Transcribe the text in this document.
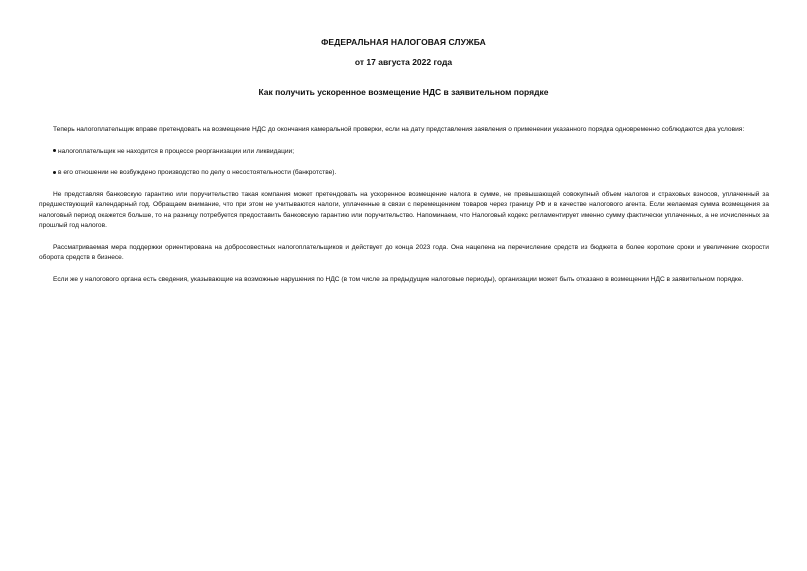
ФЕДЕРАЛЬНАЯ НАЛОГОВАЯ СЛУЖБА
от 17 августа 2022 года
Как получить ускоренное возмещение НДС в заявительном порядке

Теперь налогоплательщик вправе претендовать на возмещение НДС до окончания камеральной проверки, если на дату представления заявления о применении указанного порядка одновременно соблюдаются два условия:

налогоплательщик не находится в процессе реорганизации или ликвидации;
в его отношении не возбуждено производство по делу о несостоятельности (банкротстве).

Не представляя банковскую гарантию или поручительство такая компания может претендовать на ускоренное возмещение налога в сумме, не превышающей совокупный объем налогов и страховых взносов, уплаченный за предшествующий календарный год. Обращаем внимание, что при этом не учитываются налоги, уплаченные в связи с перемещением товаров через границу РФ и в качестве налогового агента. Если желаемая сумма возмещения за налоговый период окажется больше, то на разницу потребуется предоставить банковскую гарантию или поручительство. Напоминаем, что Налоговый кодекс регламентирует именно сумму фактически уплаченных, а не исчисленных за прошлый год налогов.

Рассматриваемая мера поддержки ориентирована на добросовестных налогоплательщиков и действует до конца 2023 года. Она нацелена на перечисление средств из бюджета в более короткие сроки и увеличение скорости оборота средств в бизнесе.

Если же у налогового органа есть сведения, указывающие на возможные нарушения по НДС (в том числе за предыдущие налоговые периоды), организации может быть отказано в возмещении НДС в заявительном порядке.
